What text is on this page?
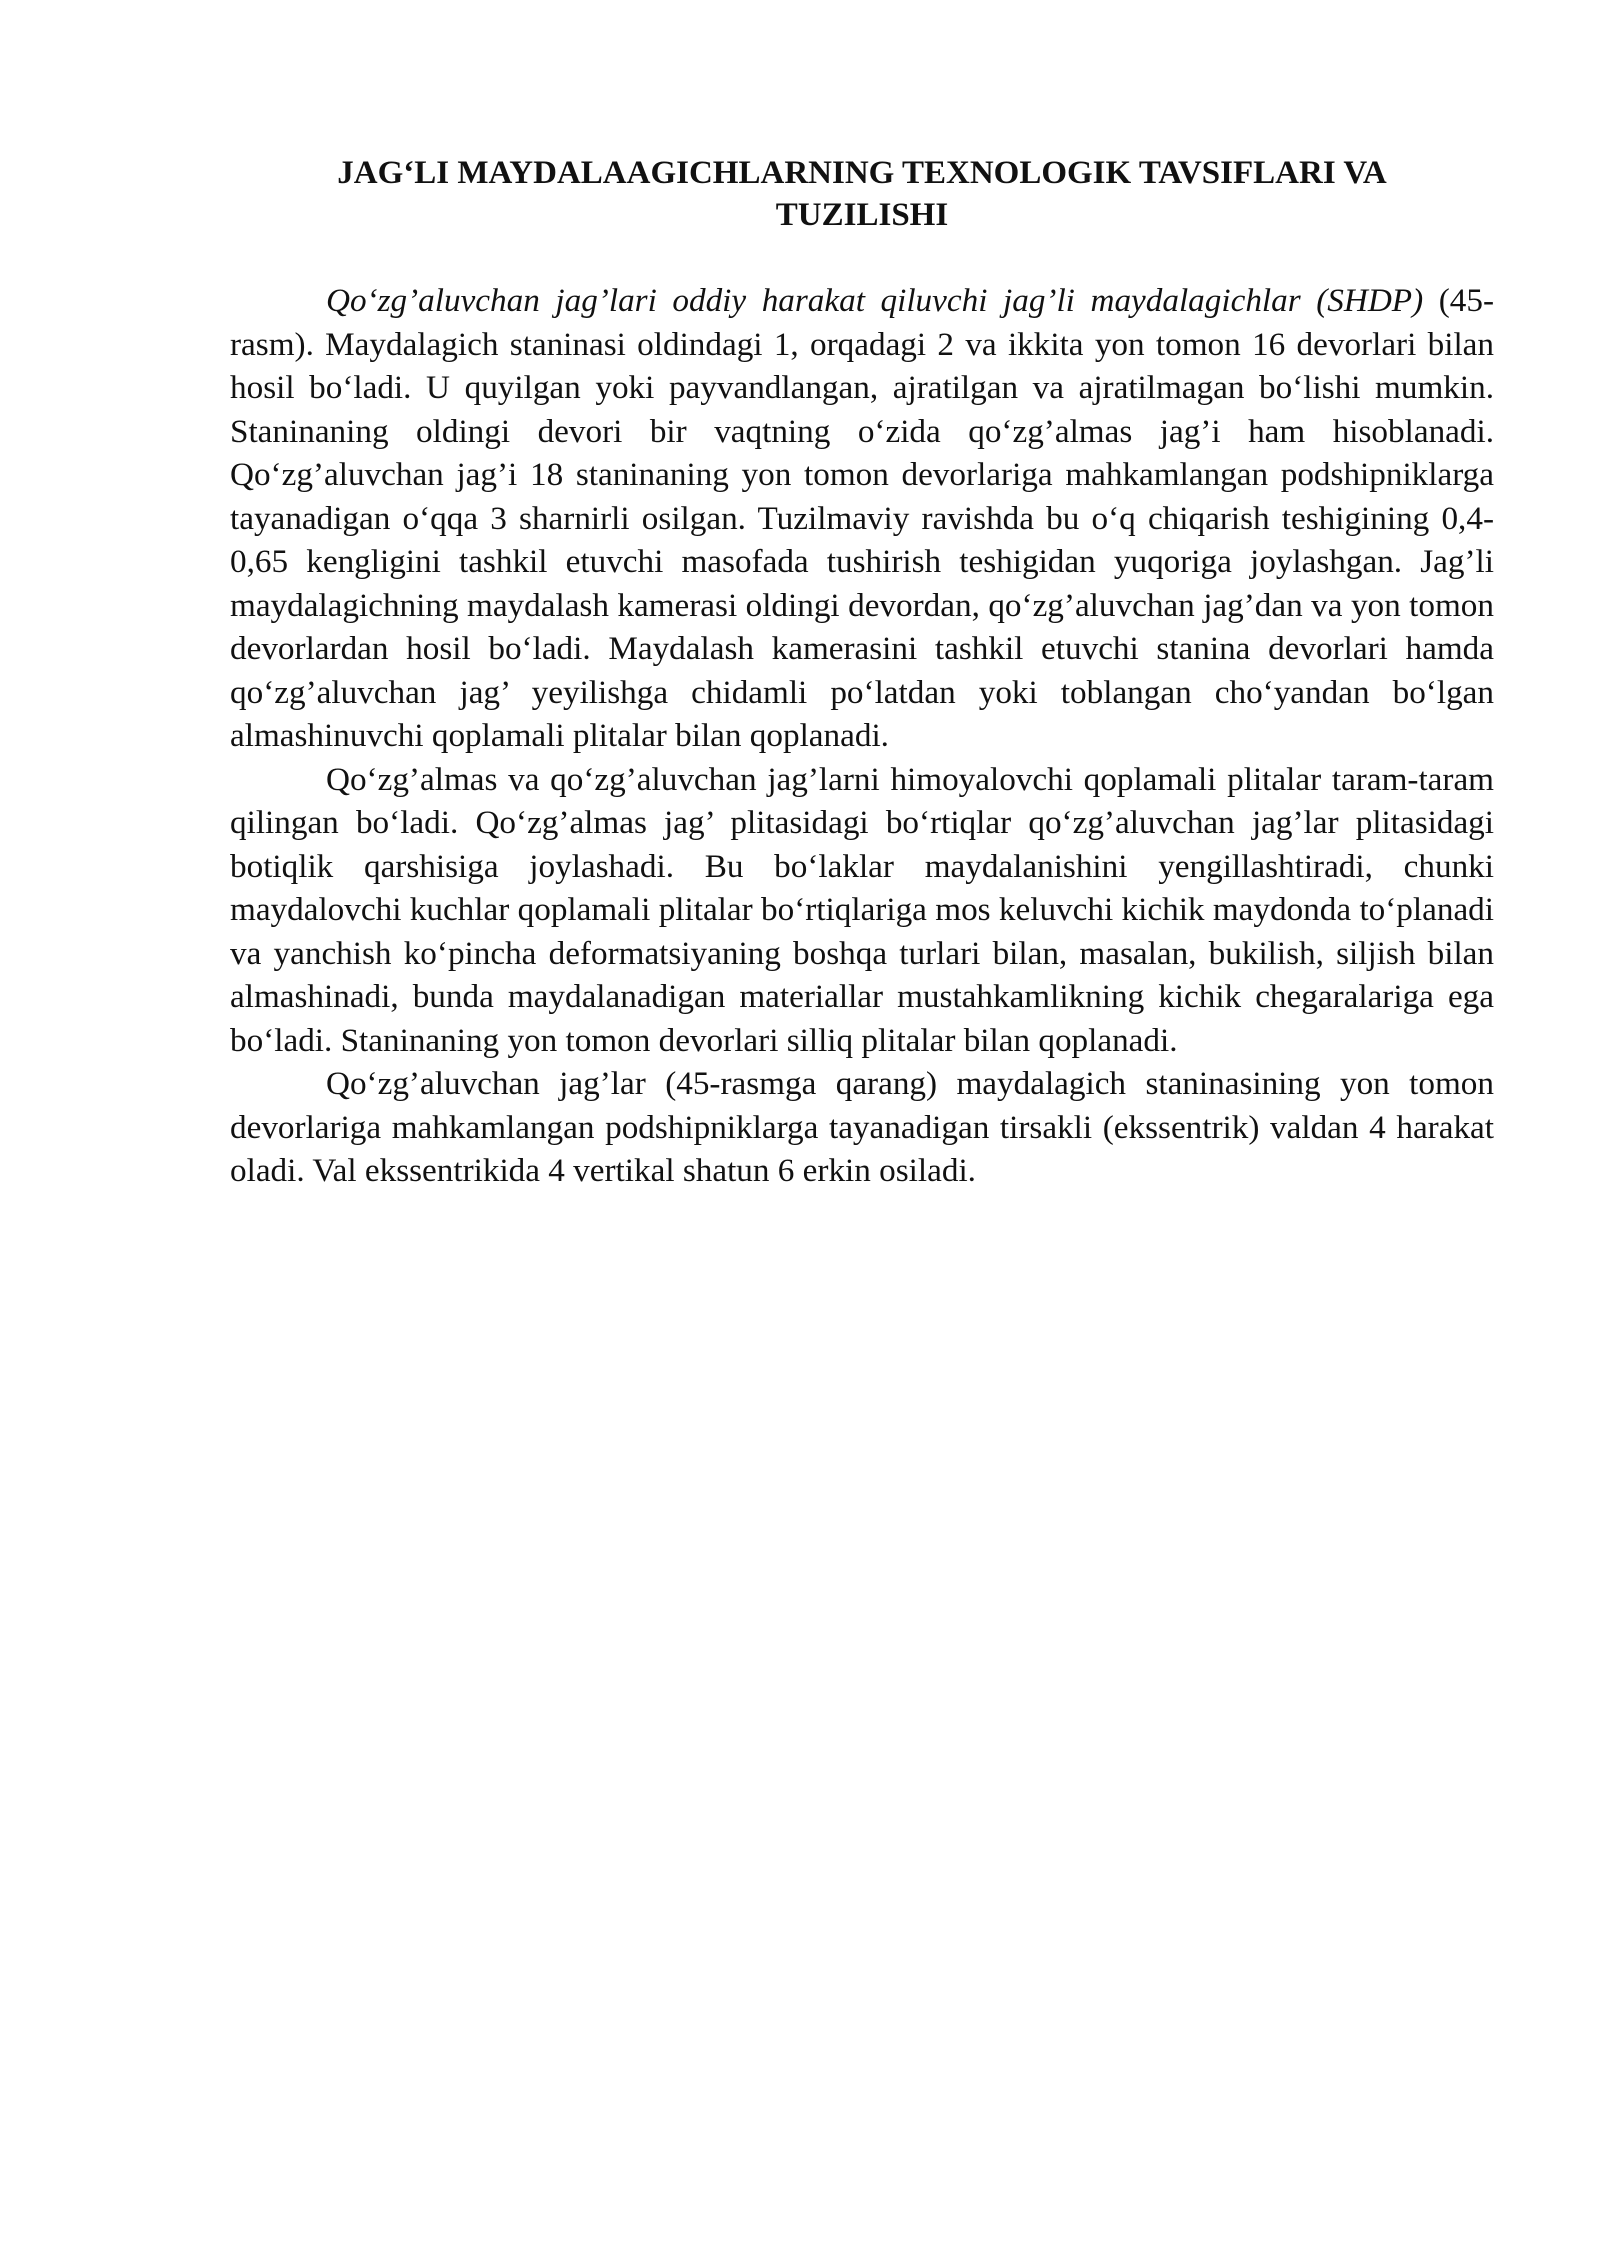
JAG‘LI MAYDALAAGICHLARNING TEXNOLOGIK TAVSIFLARI VA
TUZILISHI

Qo‘zg’aluvchan jag’lari oddiy harakat qiluvchi jag’li maydalagichlar (SHDP) (45-rasm). Maydalagich staninasi oldindagi 1, orqadagi 2 va ikkita yon tomon 16 devorlari bilan hosil bo‘ladi. U quyilgan yoki payvandlangan, ajratilgan va ajratilmagan bo‘lishi mumkin. Staninaning oldingi devori bir vaqtning o‘zida qo‘zg’almas jag’i ham hisoblanadi. Qo‘zg’aluvchan jag’i 18 staninaning yon tomon devorlariga mahkamlangan podshipniklarga tayanadigan o‘qqa 3 sharnirli osilgan. Tuzilmaviy ravishda bu o‘q chiqarish teshigining 0,4-0,65 kengligini tashkil etuvchi masofada tushirish teshigidan yuqoriga joylashgan. Jag’li maydalagichning maydalash kamerasi oldingi devordan, qo‘zg’aluvchan jag’dan va yon tomon devorlardan hosil bo‘ladi. Maydalash kamerasini tashkil etuvchi stanina devorlari hamda qo‘zg’aluvchan jag’ yeyilishga chidamli po‘latdan yoki toblangan cho‘yandan bo‘lgan almashinuvchi qoplamali plitalar bilan qoplanadi.

Qo‘zg’almas va qo‘zg’aluvchan jag’larni himoyalovchi qoplamali plitalar taram-taram qilingan bo‘ladi. Qo‘zg’almas jag’ plitasidagi bo‘rtiqlar qo‘zg’aluvchan jag’lar plitasidagi botiqlik qarshisiga joylashadi. Bu bo‘laklar maydalanishini yengillashtiradi, chunki maydalovchi kuchlar qoplamali plitalar bo‘rtiqlariga mos keluvchi kichik maydonda to‘planadi va yanchish ko‘pincha deformatsiyaning boshqa turlari bilan, masalan, bukilish, siljish bilan almashinadi, bunda maydalanadigan materiallar mustahkamlikning kichik chegaralariga ega bo‘ladi. Staninaning yon tomon devorlari silliq plitalar bilan qoplanadi.

Qo‘zg’aluvchan jag’lar (45-rasmga qarang) maydalagich staninasining yon tomon devorlariga mahkamlangan podshipniklarga tayanadigan tirsakli (ekssentrik) valdan 4 harakat oladi. Val ekssentrikida 4 vertikal shatun 6 erkin osiladi.
